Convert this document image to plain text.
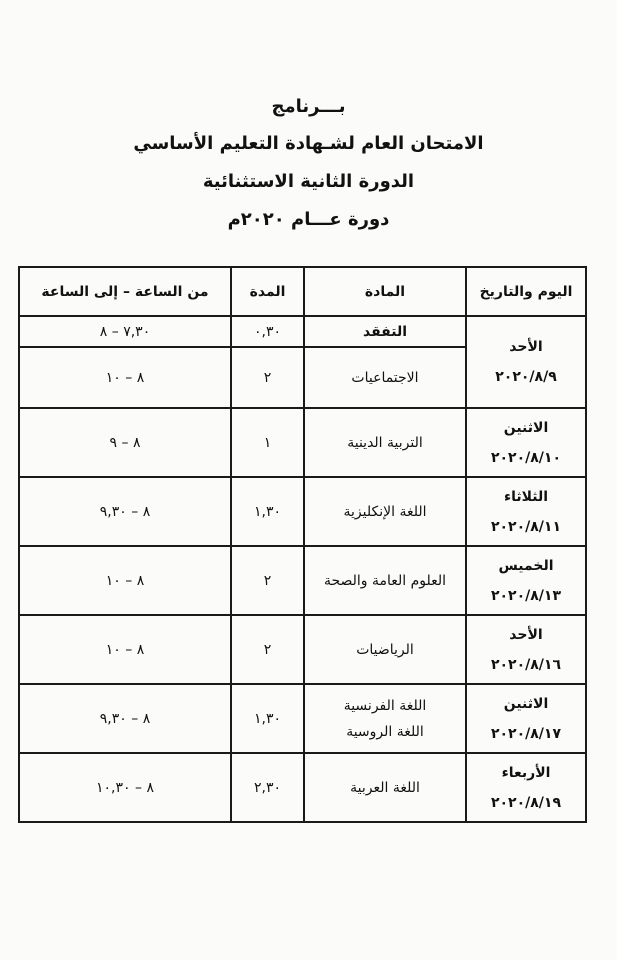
بـــرنامج

الامتحان العام لشـهادة التعليم الأساسي

الدورة الثانية الاستثنائية

دورة عـــام ٢٠٢٠م

اليوم والتاريخ	المادة	المدة	من الساعة – إلى الساعة

الأحد
٢٠٢٠/٨/٩	التفقد	٠,٣٠	٧,٣٠ – ٨
	الاجتماعيات	٢	٨ – ١٠

الاثنين
٢٠٢٠/٨/١٠	التربية الدينية	١	٨ – ٩

الثلاثاء
٢٠٢٠/٨/١١	اللغة الإنكليزية	١,٣٠	٨ – ٩,٣٠

الخميس
٢٠٢٠/٨/١٣	العلوم العامة والصحة	٢	٨ – ١٠

الأحد
٢٠٢٠/٨/١٦	الرياضيات	٢	٨ – ١٠

الاثنين
٢٠٢٠/٨/١٧	اللغة الفرنسية
اللغة الروسية	١,٣٠	٨ – ٩,٣٠

الأربعاء
٢٠٢٠/٨/١٩	اللغة العربية	٢,٣٠	٨ – ١٠,٣٠
